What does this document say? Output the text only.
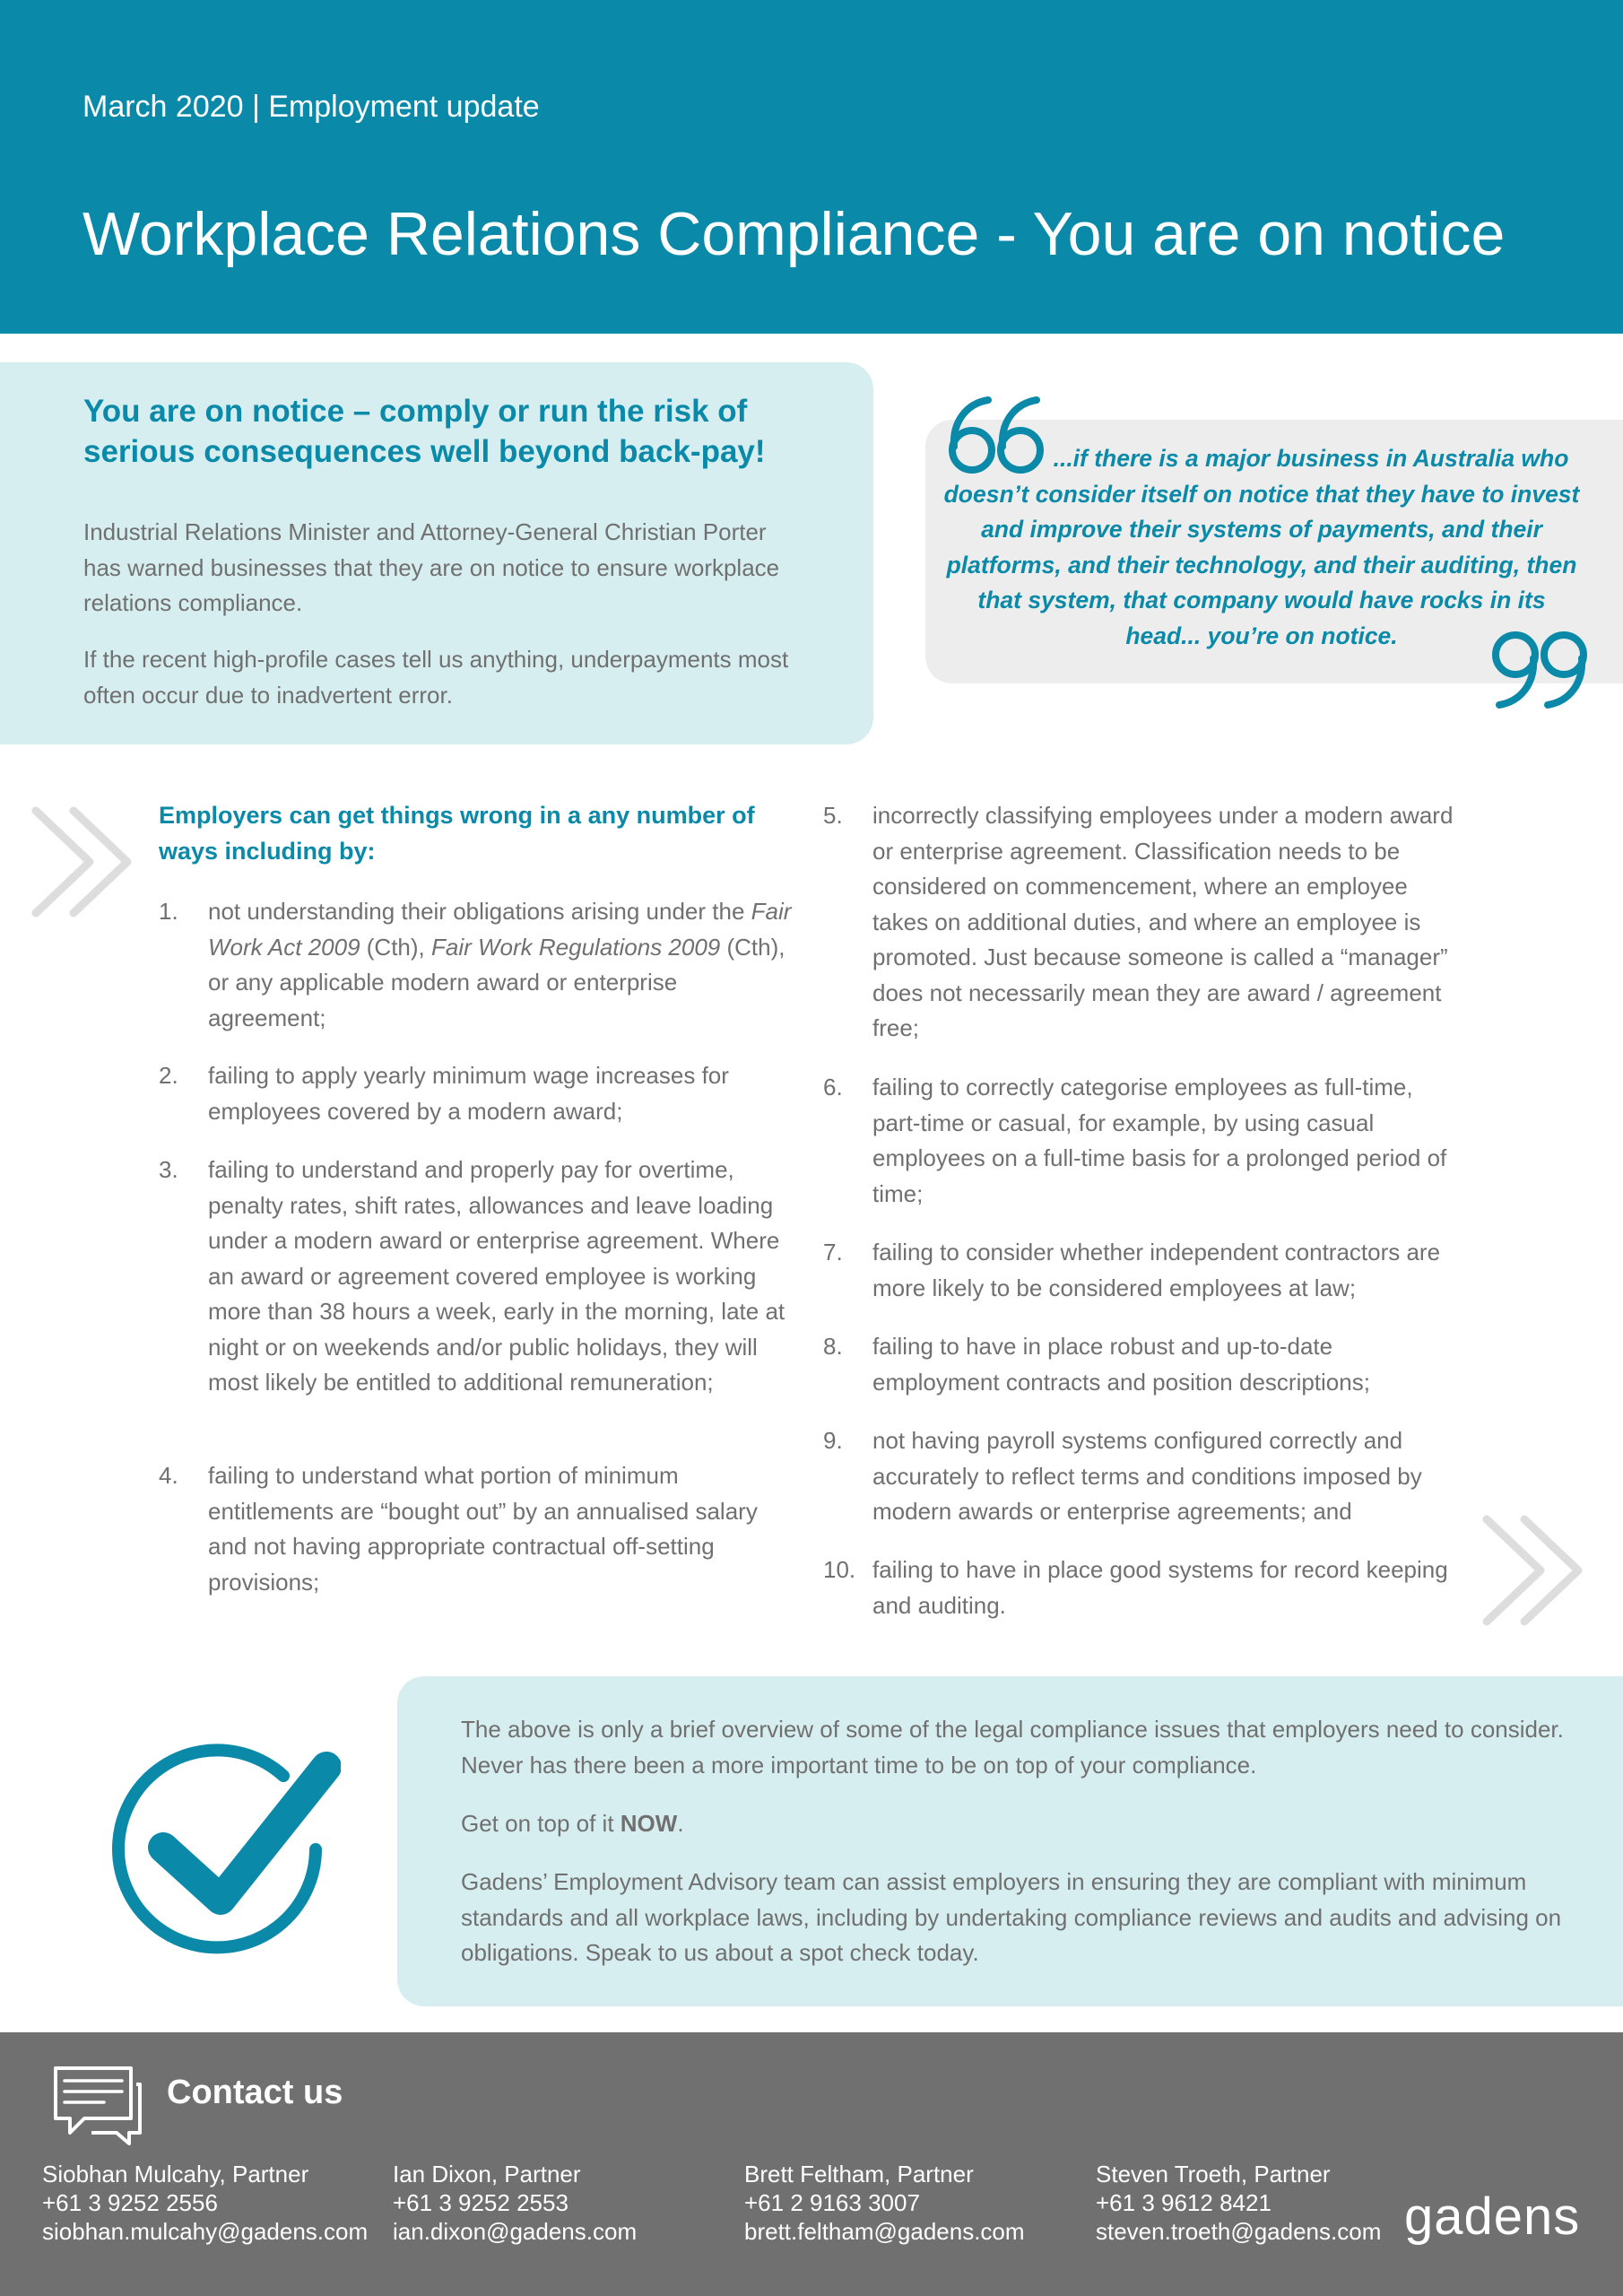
March 2020 | Employment update
Workplace Relations Compliance - You are on notice
You are on notice – comply or run the risk of serious consequences well beyond back-pay!
Industrial Relations Minister and Attorney-General Christian Porter has warned businesses that they are on notice to ensure workplace relations compliance.
If the recent high-profile cases tell us anything, underpayments most often occur due to inadvertent error.
...if there is a major business in Australia who doesn’t consider itself on notice that they have to invest and improve their systems of payments, and their platforms, and their technology, and their auditing, then that system, that company would have rocks in its head... you’re on notice.
Employers can get things wrong in a any number of ways including by:
1.	not understanding their obligations arising under the Fair Work Act 2009 (Cth), Fair Work Regulations 2009 (Cth), or any applicable modern award or enterprise agreement;
2.	failing to apply yearly minimum wage increases for employees covered by a modern award;
3.	failing to understand and properly pay for overtime, penalty rates, shift rates, allowances and leave loading under a modern award or enterprise agreement. Where an award or agreement covered employee is working more than 38 hours a week, early in the morning, late at night or on weekends and/or public holidays, they will most likely be entitled to additional remuneration;
4.	failing to understand what portion of minimum entitlements are “bought out” by an annualised salary and not having appropriate contractual off-setting provisions;
5.	incorrectly classifying employees under a modern award or enterprise agreement. Classification needs to be considered on commencement, where an employee takes on additional duties, and where an employee is promoted. Just because someone is called a “manager” does not necessarily mean they are award / agreement free;
6.	failing to correctly categorise employees as full-time, part-time or casual, for example, by using casual employees on a full-time basis for a prolonged period of time;
7.	failing to consider whether independent contractors are more likely to be considered employees at law;
8.	failing to have in place robust and up-to-date employment contracts and position descriptions;
9.	not having payroll systems configured correctly and accurately to reflect terms and conditions imposed by modern awards or enterprise agreements; and
10. failing to have in place good systems for record keeping and auditing.
The above is only a brief overview of some of the legal compliance issues that employers need to consider. Never has there been a more important time to be on top of your compliance.
Get on top of it NOW.
Gadens’ Employment Advisory team can assist employers in ensuring they are compliant with minimum standards and all workplace laws, including by undertaking compliance reviews and audits and advising on obligations. Speak to us about a spot check today.
Contact us
Siobhan Mulcahy, Partner
+61 3 9252 2556
siobhan.mulcahy@gadens.com
Ian Dixon, Partner
+61 3 9252 2553
ian.dixon@gadens.com
Brett Feltham, Partner
+61 2 9163 3007
brett.feltham@gadens.com
Steven Troeth, Partner
+61 3 9612 8421
steven.troeth@gadens.com gadens
